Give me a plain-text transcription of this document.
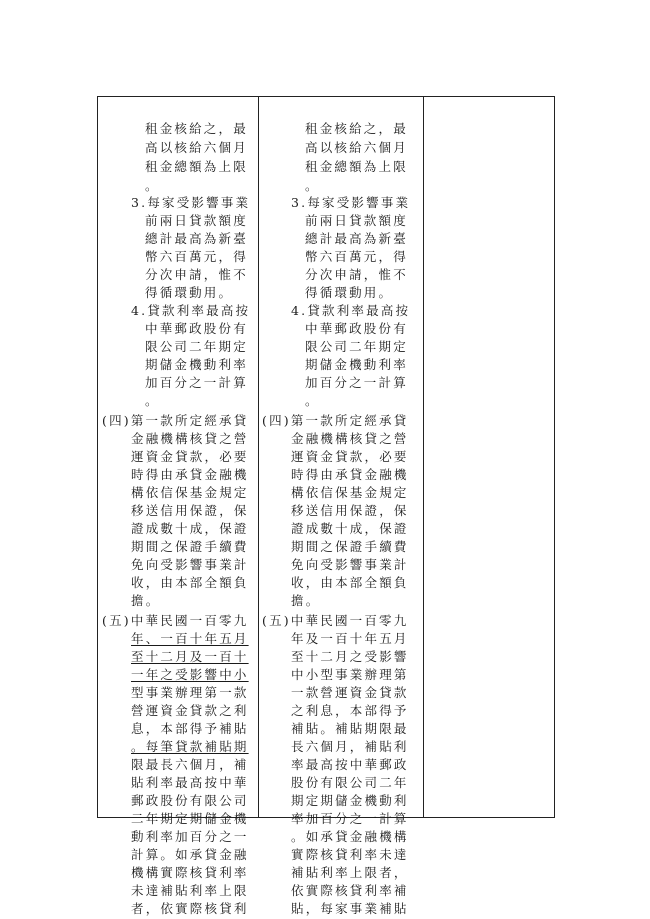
租金核給之，最
高以核給六個月
租金總額為上限
。
3.每家受影響事業
前兩日貸款額度
總計最高為新臺
幣六百萬元，得
分次申請，惟不
得循環動用。
4.貸款利率最高按
中華郵政股份有
限公司二年期定
期儲金機動利率
加百分之一計算
。
(四)第一款所定經承貸
金融機構核貸之營
運資金貸款，必要
時得由承貸金融機
構依信保基金規定
移送信用保證，保
證成數十成，保證
期間之保證手續費
免向受影響事業計
收，由本部全額負
擔。
(五)中華民國一百零九
年、一百十年五月
至十二月及一百十
一年之受影響中小
型事業辦理第一款
營運資金貸款之利
息，本部得予補貼
。每筆貸款補貼期
限最長六個月，補
貼利率最高按中華
郵政股份有限公司
二年期定期儲金機
動利率加百分之一
計算。如承貸金融
機構實際核貸利率
未達補貼利率上限
者，依實際核貸利
租金核給之，最
高以核給六個月
租金總額為上限
。
3.每家受影響事業
前兩日貸款額度
總計最高為新臺
幣六百萬元，得
分次申請，惟不
得循環動用。
4.貸款利率最高按
中華郵政股份有
限公司二年期定
期儲金機動利率
加百分之一計算
。
(四)第一款所定經承貸
金融機構核貸之營
運資金貸款，必要
時得由承貸金融機
構依信保基金規定
移送信用保證，保
證成數十成，保證
期間之保證手續費
免向受影響事業計
收，由本部全額負
擔。
(五)中華民國一百零九
年及一百十年五月
至十二月之受影響
中小型事業辦理第
一款營運資金貸款
之利息，本部得予
補貼。補貼期限最
長六個月，補貼利
率最高按中華郵政
股份有限公司二年
期定期儲金機動利
率加百分之一計算
。如承貸金融機構
實際核貸利率未達
補貼利率上限者，
依實際核貸利率補
貼，每家事業補貼
